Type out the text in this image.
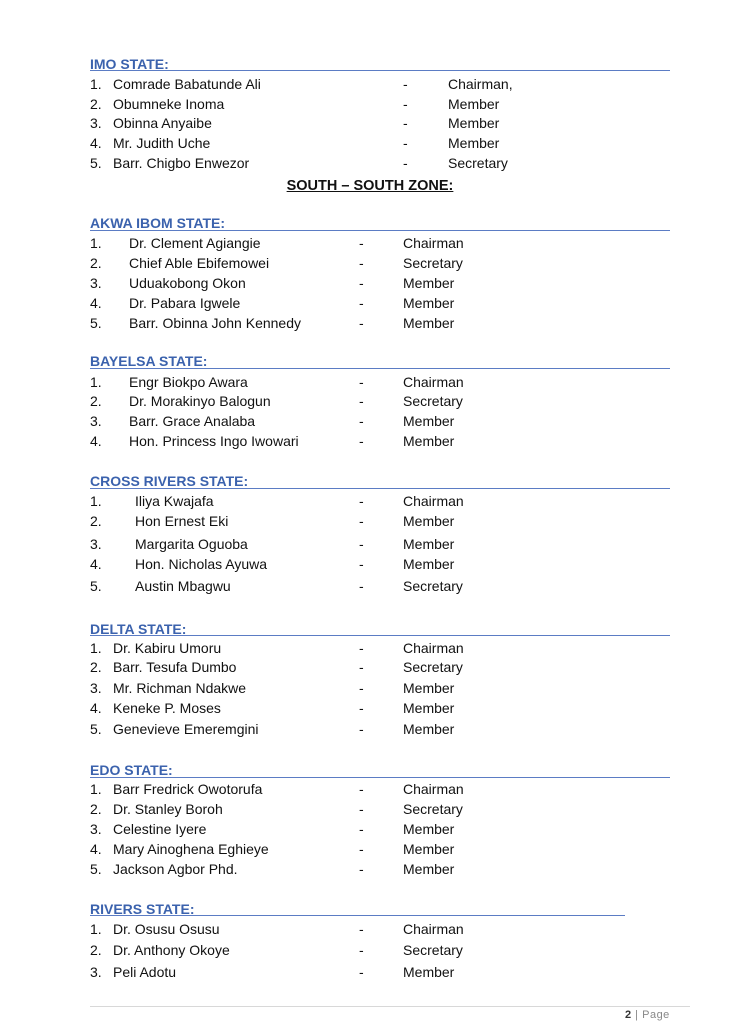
SOUTH – SOUTH ZONE:
IMO STATE:
1. Comrade Babatunde Ali	-	Chairman,
2. Obumneke Inoma	-	Member
3. Obinna Anyaibe	-	Member
4. Mr. Judith Uche	-	Member
5. Barr. Chigbo Enwezor	-	Secretary
AKWA IBOM STATE:
1. Dr. Clement Agiangie	-	Chairman
2. Chief Able Ebifemowei	-	Secretary
3. Uduakobong Okon	-	Member
4. Dr. Pabara Igwele	-	Member
5. Barr. Obinna John Kennedy	-	Member
BAYELSA STATE:
1. Engr Biokpo Awara	-	Chairman
2. Dr. Morakinyo Balogun	-	Secretary
3. Barr. Grace Analaba	-	Member
4. Hon. Princess Ingo Iwowari	-	Member
CROSS RIVERS STATE:
1. Iliya Kwajafa	-	Chairman
2. Hon Ernest Eki	-	Member
3. Margarita Oguoba	-	Member
4. Hon. Nicholas Ayuwa	-	Member
5. Austin Mbagwu	-	Secretary
DELTA STATE:
1. Dr. Kabiru Umoru	-	Chairman
2. Barr. Tesufa Dumbo	-	Secretary
3. Mr. Richman Ndakwe	-	Member
4. Keneke P. Moses	-	Member
5. Genevieve Emeremgini	-	Member
EDO STATE:
1. Barr Fredrick Owotorufa	-	Chairman
2. Dr. Stanley Boroh	-	Secretary
3. Celestine Iyere	-	Member
4. Mary Ainoghena Eghieye	-	Member
5. Jackson Agbor Phd.	-	Member
RIVERS STATE:
1. Dr. Osusu Osusu	-	Chairman
2. Dr. Anthony Okoye	-	Secretary
3. Peli Adotu	-	Member
2 | Page
